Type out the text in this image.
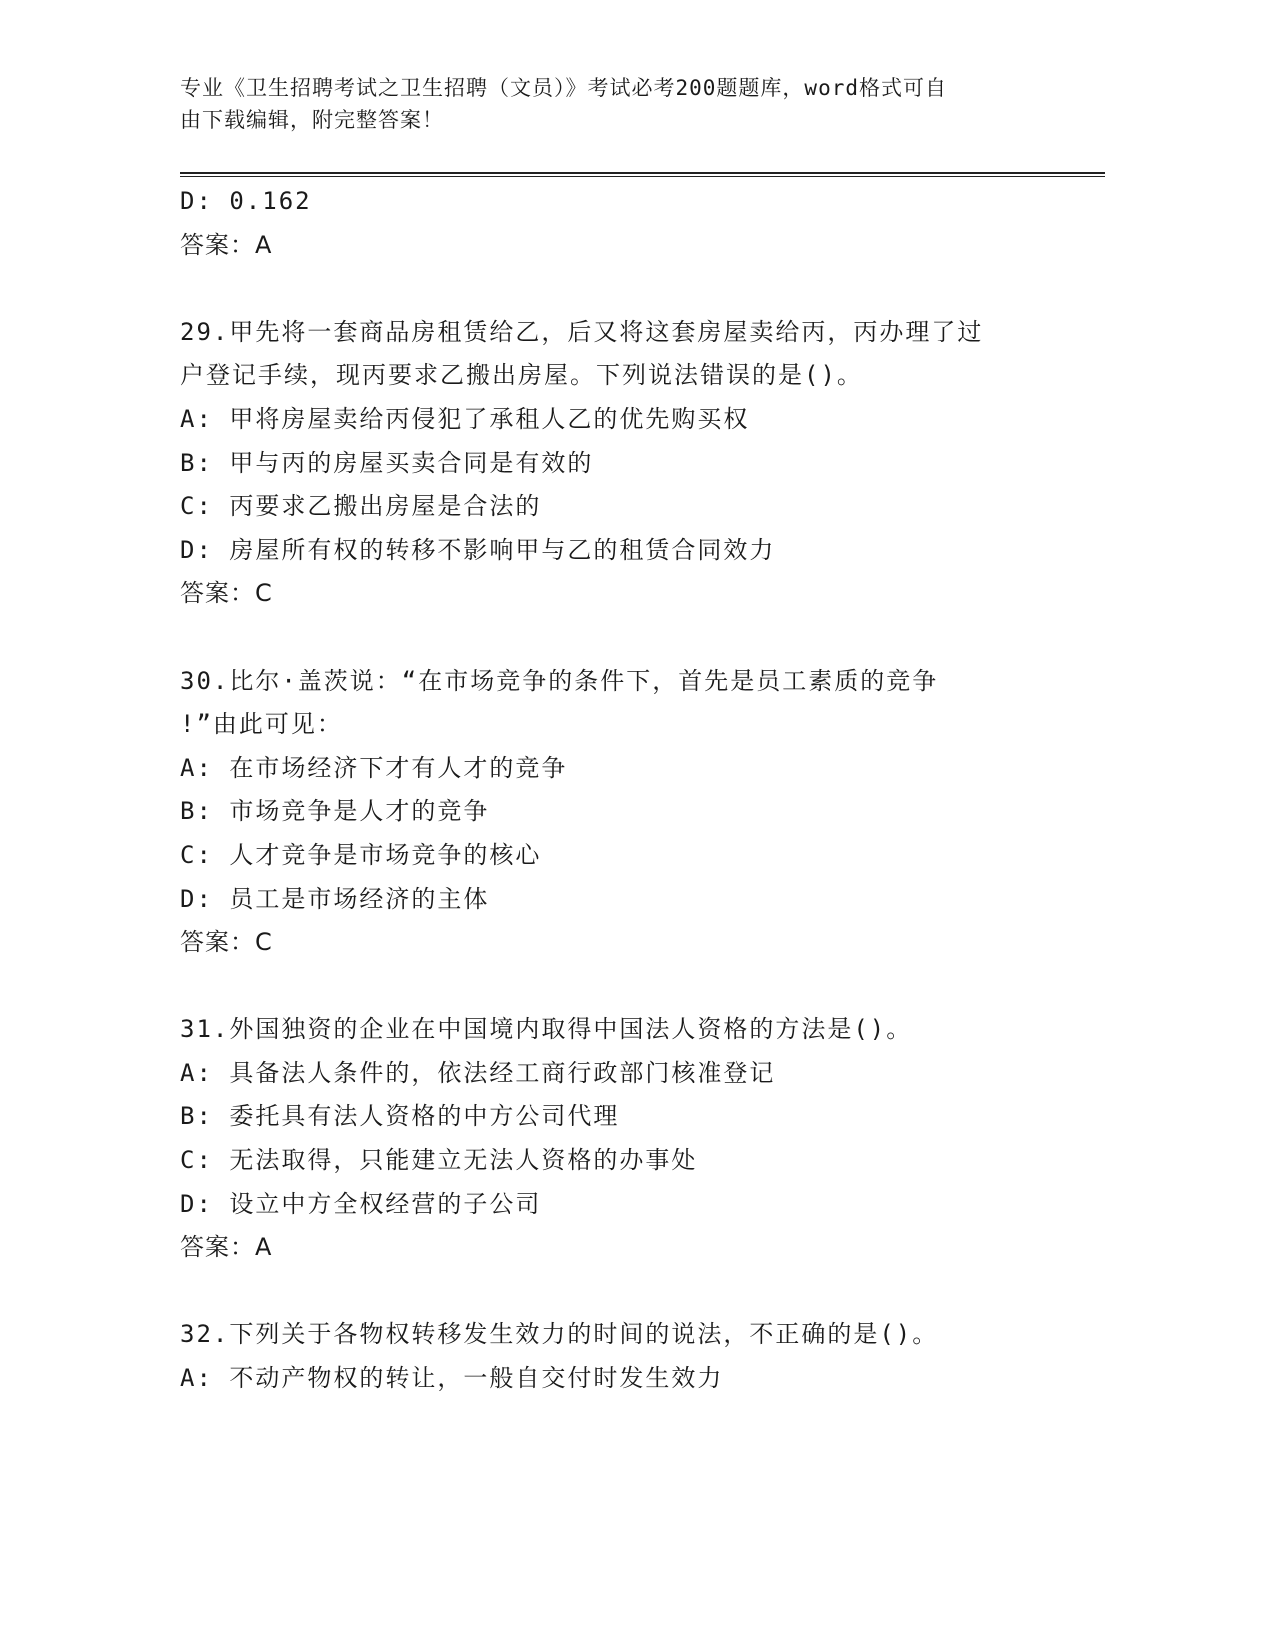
专业《卫生招聘考试之卫生招聘（文员）》考试必考200题题库，word格式可自
由下载编辑，附完整答案！
D: 0.162
答案：A
29.甲先将一套商品房租赁给乙，后又将这套房屋卖给丙，丙办理了过
户登记手续，现丙要求乙搬出房屋。下列说法错误的是()。
A: 甲将房屋卖给丙侵犯了承租人乙的优先购买权
B: 甲与丙的房屋买卖合同是有效的
C: 丙要求乙搬出房屋是合法的
D: 房屋所有权的转移不影响甲与乙的租赁合同效力
答案：C
30.比尔·盖茨说：“在市场竞争的条件下，首先是员工素质的竞争
!”由此可见：
A: 在市场经济下才有人才的竞争
B: 市场竞争是人才的竞争
C: 人才竞争是市场竞争的核心
D: 员工是市场经济的主体
答案：C
31.外国独资的企业在中国境内取得中国法人资格的方法是()。
A: 具备法人条件的，依法经工商行政部门核准登记
B: 委托具有法人资格的中方公司代理
C: 无法取得，只能建立无法人资格的办事处
D: 设立中方全权经营的子公司
答案：A
32.下列关于各物权转移发生效力的时间的说法，不正确的是()。
A: 不动产物权的转让，一般自交付时发生效力
